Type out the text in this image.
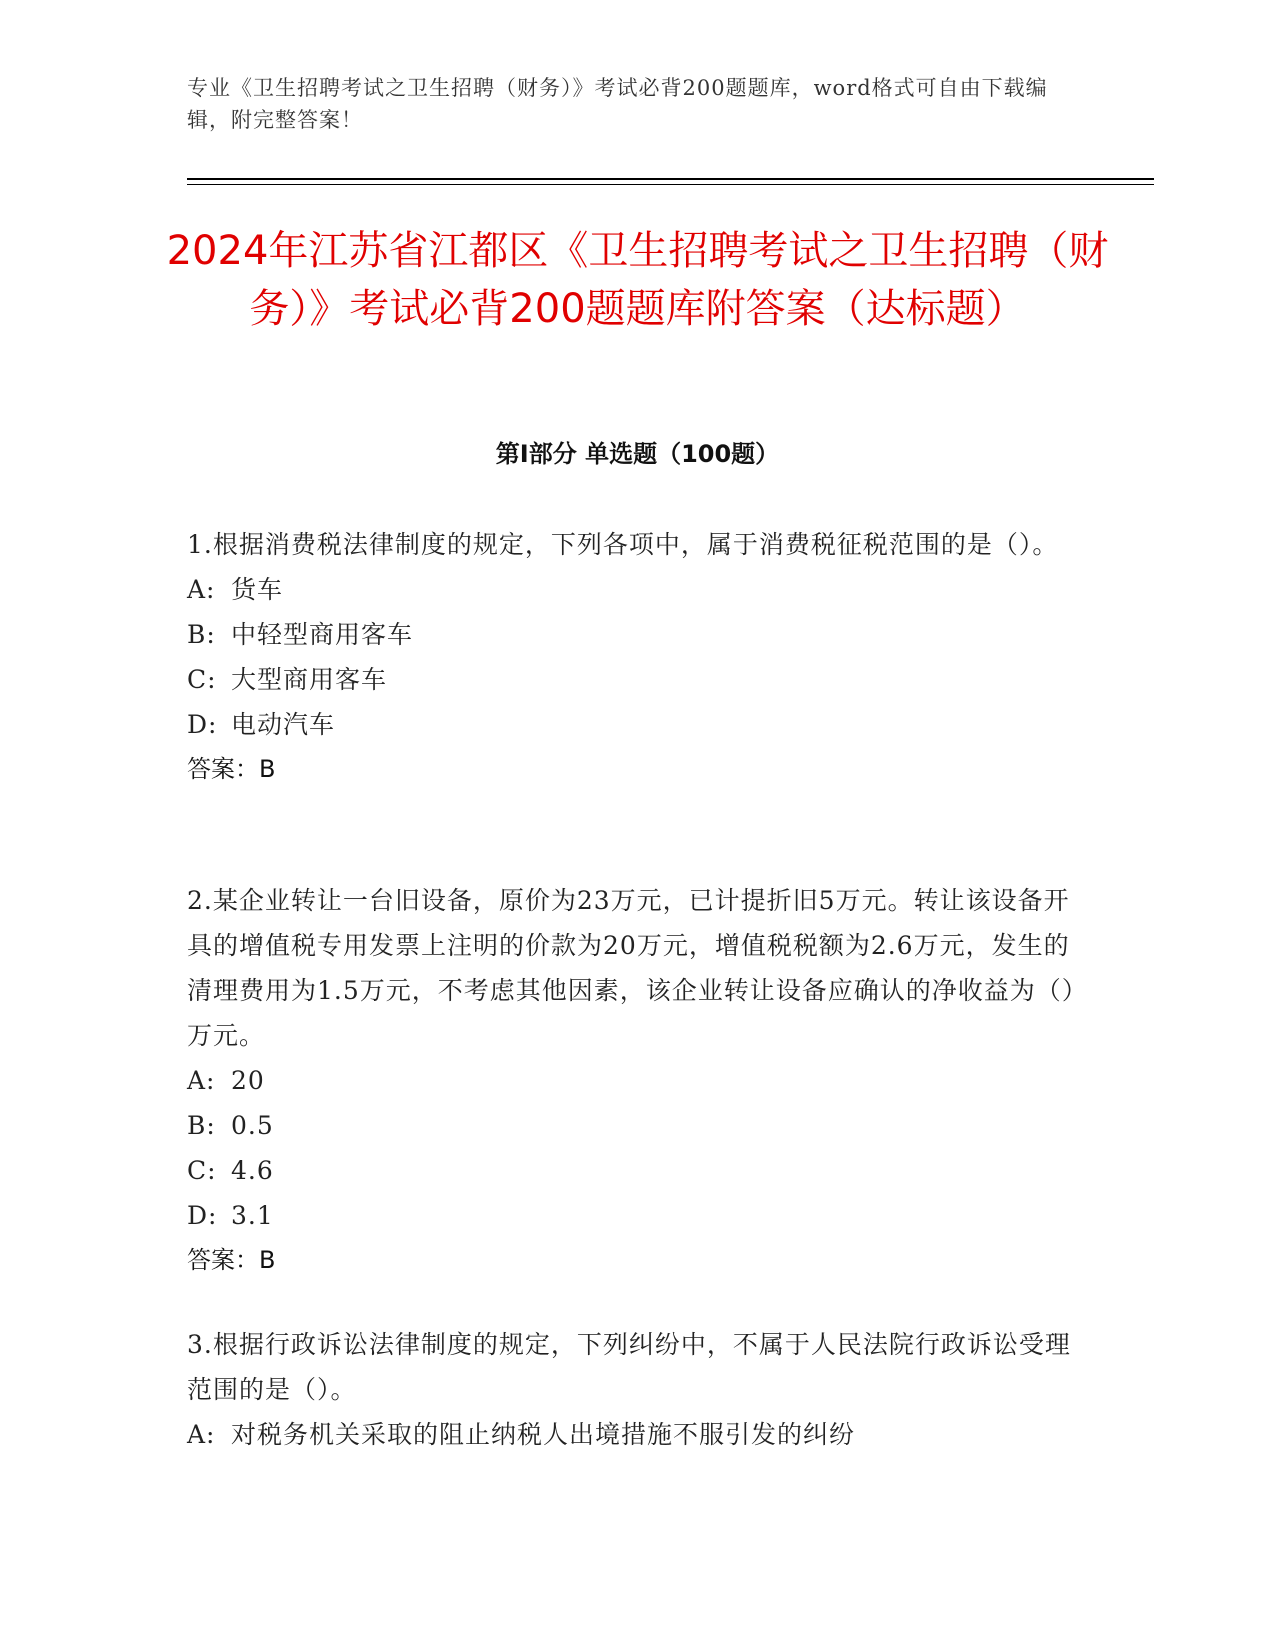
专业《卫生招聘考试之卫生招聘（财务）》考试必背200题题库，word格式可自由下载编辑，附完整答案！
2024年江苏省江都区《卫生招聘考试之卫生招聘（财务）》考试必背200题题库附答案（达标题）
第I部分 单选题（100题）
1.根据消费税法律制度的规定，下列各项中，属于消费税征税范围的是（）。
A: 货车
B: 中轻型商用客车
C: 大型商用客车
D: 电动汽车
答案：B
2.某企业转让一台旧设备，原价为23万元，已计提折旧5万元。转让该设备开具的增值税专用发票上注明的价款为20万元，增值税税额为2.6万元，发生的清理费用为1.5万元，不考虑其他因素，该企业转让设备应确认的净收益为（）万元。
A: 20
B: 0.5
C: 4.6
D: 3.1
答案：B
3.根据行政诉讼法律制度的规定，下列纠纷中，不属于人民法院行政诉讼受理范围的是（）。
A: 对税务机关采取的阻止纳税人出境措施不服引发的纠纷
